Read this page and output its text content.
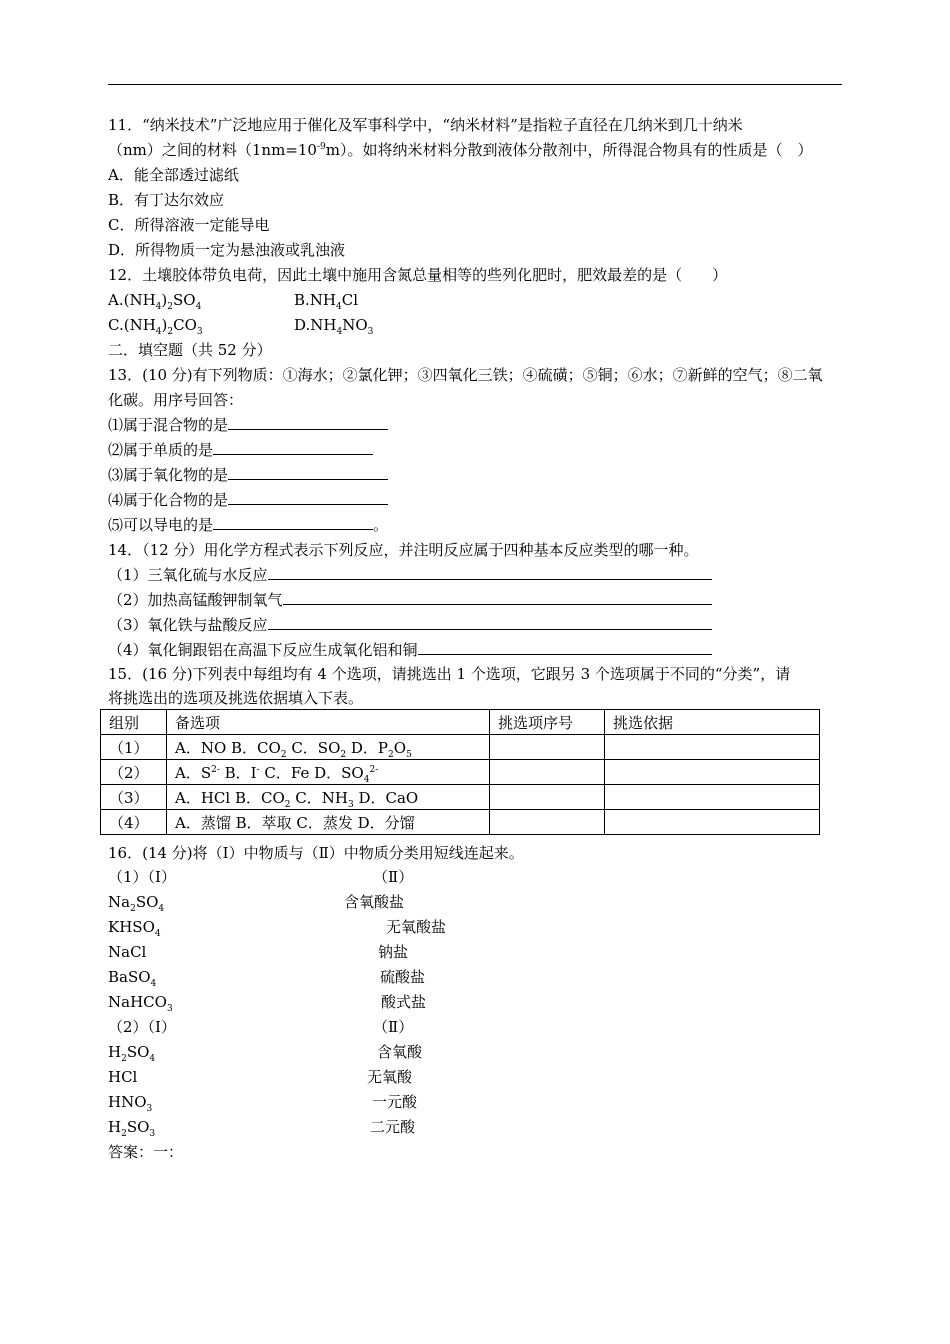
11．“纳米技术”广泛地应用于催化及军事科学中，“纳米材料”是指粒子直径在几纳米到几十纳米
（nm）之间的材料$(1nm=10^{-9}m)$。如将纳米材料分散到液体分散剂中，所得混合物具有的性质是（　）
A．能全部透过滤纸
B．有丁达尔效应
C．所得溶液一定能导电
D．所得物质一定为悬浊液或乳浊液
12．土壤胶体带负电荷，因此土壤中施用含氮总量相等的些列化肥时，肥效最差的是（　　）
$A.(NH_4)_2SO_4$	$B.NH_4Cl$
$C.(NH_4)_2CO_3$	$D.NH_4NO_3$
二．填空题（共 52 分）
13．(10 分)有下列物质：①海水；②氯化钾；③四氧化三铁；④硫磺；⑤铜；⑥水；⑦新鲜的空气；⑧二氧
化碳。用序号回答：
⑴属于混合物的是
⑵属于单质的是
⑶属于氧化物的是
⑷属于化合物的是
⑸可以导电的是	。
14．（12 分）用化学方程式表示下列反应，并注明反应属于四种基本反应类型的哪一种。
（1）三氧化硫与水反应
（2）加热高锰酸钾制氧气
（3）氧化铁与盐酸反应
（4）氧化铜跟铝在高温下反应生成氧化铝和铜
15．(16 分)下列表中每组均有 4 个选项，请挑选出 1 个选项，它跟另 3 个选项属于不同的“分类”，请
将挑选出的选项及挑选依据填入下表。
组别	备选项	挑选项序号	挑选依据
（1）	A．NO B．$CO_2$ C．$SO_2$ D．$P_2O_5$		
（2）	A．$S^{2-}$ B．I- C．Fe D．$SO_4^{2-}$		
（3）	A．HCl B．$CO_2$ C．$NH_3$ D．CaO		
（4）	A．蒸馏 B．萃取 C．蒸发 D．分馏		
16．(14 分)将（Ⅰ）中物质与（Ⅱ）中物质分类用短线连起来。
（1）（Ⅰ）	（Ⅱ）
$Na_2SO_4$	含氧酸盐
$KHSO_4$	无氧酸盐
NaCl	钠盐
BaSO$_4$	硫酸盐
NaHCO$_3$	酸式盐
（2）（Ⅰ）	（Ⅱ）
$H_2SO_4$	含氧酸
HCl	无氧酸
$HNO_3$	一元酸
$H_2SO_3$	二元酸
答案：一：
